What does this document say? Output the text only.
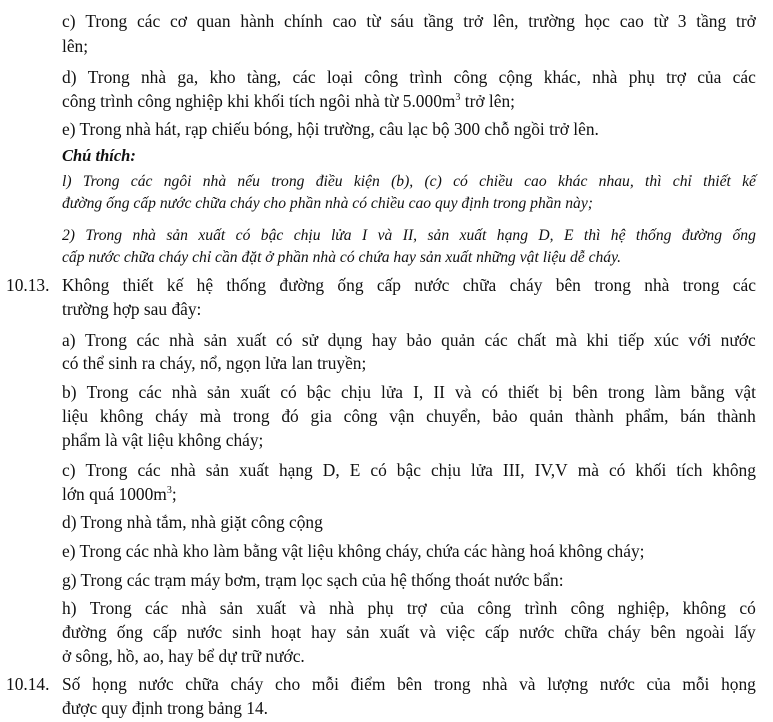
c) Trong các cơ quan hành chính cao từ sáu tầng trở lên, trường học cao từ 3 tầng trở
lên;
d) Trong nhà ga, kho tàng, các loại công trình công cộng khác, nhà phụ trợ của các
công trình công nghiệp khi khối tích ngôi nhà từ $5.000m^3$ trở lên;
e) Trong nhà hát, rạp chiếu bóng, hội trường, câu lạc bộ 300 chỗ ngồi trở lên.
Chú thích:
l) Trong các ngôi nhà nếu trong điều kiện (b), (c) có chiều cao khác nhau, thì chỉ thiết kế
đường ống cấp nước chữa cháy cho phần nhà có chiều cao quy định trong phần này;
2) Trong nhà sản xuất có bậc chịu lửa I và II, sản xuất hạng D, E thì hệ thống đường ống
cấp nước chữa cháy chỉ cần đặt ở phần nhà có chứa hay sản xuất những vật liệu dễ cháy.
10.13. Không thiết kế hệ thống đường ống cấp nước chữa cháy bên trong nhà trong các
trường hợp sau đây:
a) Trong các nhà sản xuất có sử dụng hay bảo quản các chất mà khi tiếp xúc với nước
có thể sinh ra cháy, nổ, ngọn lửa lan truyền;
b) Trong các nhà sản xuất có bậc chịu lửa I, II và có thiết bị bên trong làm bằng vật
liệu không cháy mà trong đó gia công vận chuyển, bảo quản thành phẩm, bán thành
phẩm là vật liệu không cháy;
c) Trong các nhà sản xuất hạng D, E có bậc chịu lửa III, IV,V mà có khối tích không
lớn quá $1000m^3$;
d) Trong nhà tắm, nhà giặt công cộng
e) Trong các nhà kho làm bằng vật liệu không cháy, chứa các hàng hoá không cháy;
g) Trong các trạm máy bơm, trạm lọc sạch của hệ thống thoát nước bẩn:
h) Trong các nhà sản xuất và nhà phụ trợ của công trình công nghiệp, không có
đường ống cấp nước sinh hoạt hay sản xuất và việc cấp nước chữa cháy bên ngoài lấy
ở sông, hồ, ao, hay bể dự trữ nước.
10.14. Số họng nước chữa cháy cho mỗi điểm bên trong nhà và lượng nước của mỗi họng
được quy định trong bảng 14.
